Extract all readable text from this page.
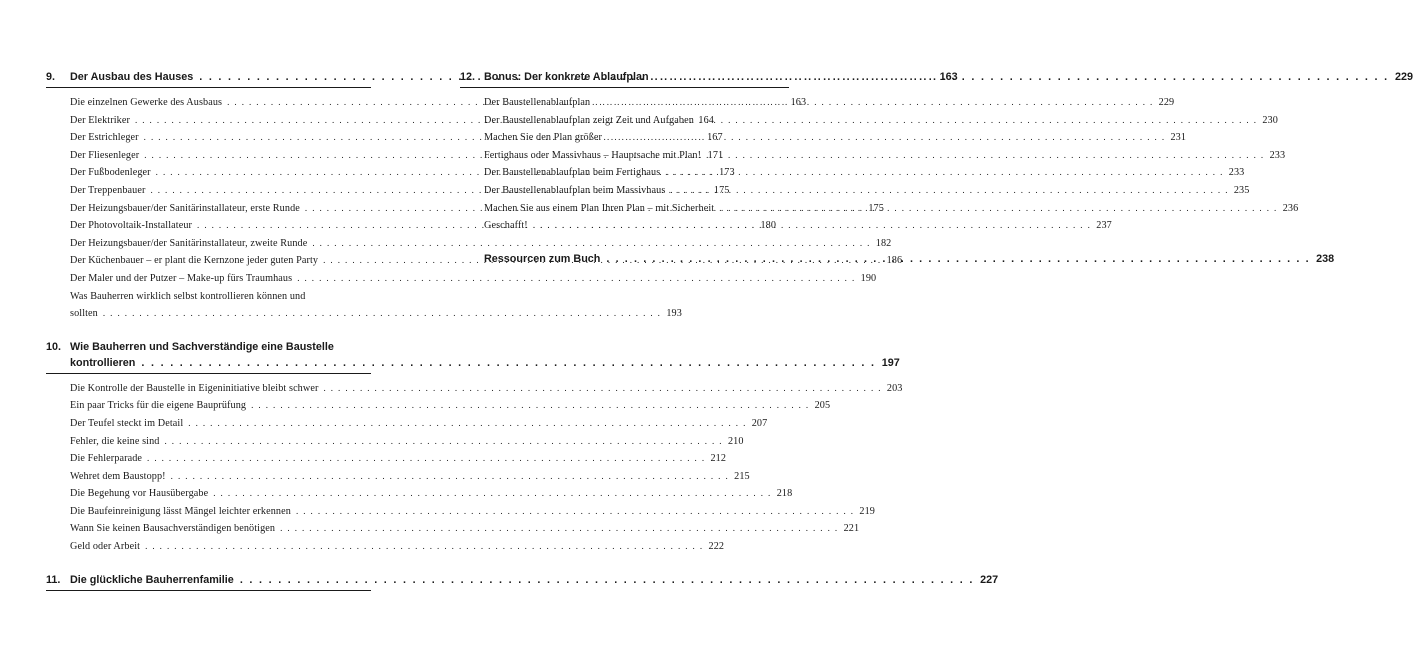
9.	Der Ausbau des Hauses . . .	163
Die einzelnen Gewerke des Ausbaus . . .	163
Der Elektriker . . .	164
Der Estrichleger . . .	167
Der Fliesenleger . . .	171
Der Fußbodenleger . . .	173
Der Treppenbauer . . .	175
Der Heizungsbauer/der Sanitärinstallateur, erste Runde . . .	175
Der Photovoltaik-Installateur . . .	180
Der Heizungsbauer/der Sanitärinstallateur, zweite Runde . . .	182
Der Küchenbauer – er plant die Kernzone jeder guten Party . . .	186
Der Maler und der Putzer – Make-up fürs Traumhaus . . .	190
Was Bauherren wirklich selbst kontrollieren können und
sollten . . .	193
10. Wie Bauherren und Sachverständige eine Baustelle
kontrollieren . . .	197
Die Kontrolle der Baustelle in Eigeninitiative bleibt schwer . . .	203
Ein paar Tricks für die eigene Bauprüfung . . .	205
Der Teufel steckt im Detail . . .	207
Fehler, die keine sind . . .	210
Die Fehlerparade . . .	212
Wehret dem Baustopp! . . .	215
Die Begehung vor Hausübergabe . . .	218
Die Baufeinreinigung lässt Mängel leichter erkennen . . .	219
Wann Sie keinen Bausachverständigen benötigen . . .	221
Geld oder Arbeit . . .	222
11. Die glückliche Bauherrenfamilie . . .	227
12. Bonus: Der konkrete Ablaufplan . . .	229
Der Baustellenablaufplan . . .	229
Der Baustellenablaufplan zeigt Zeit und Aufgaben . . .	230
Machen Sie den Plan größer . . .	231
Fertighaus oder Massivhaus – Hauptsache mit Plan! . . .	233
Der Baustellenablaufplan beim Fertighaus . . .	233
Der Baustellenablaufplan beim Massivhaus . . .	235
Machen Sie aus einem Plan Ihren Plan – mit Sicherheit . . .	236
Geschafft! . . .	237
Ressourcen zum Buch . . .	238
